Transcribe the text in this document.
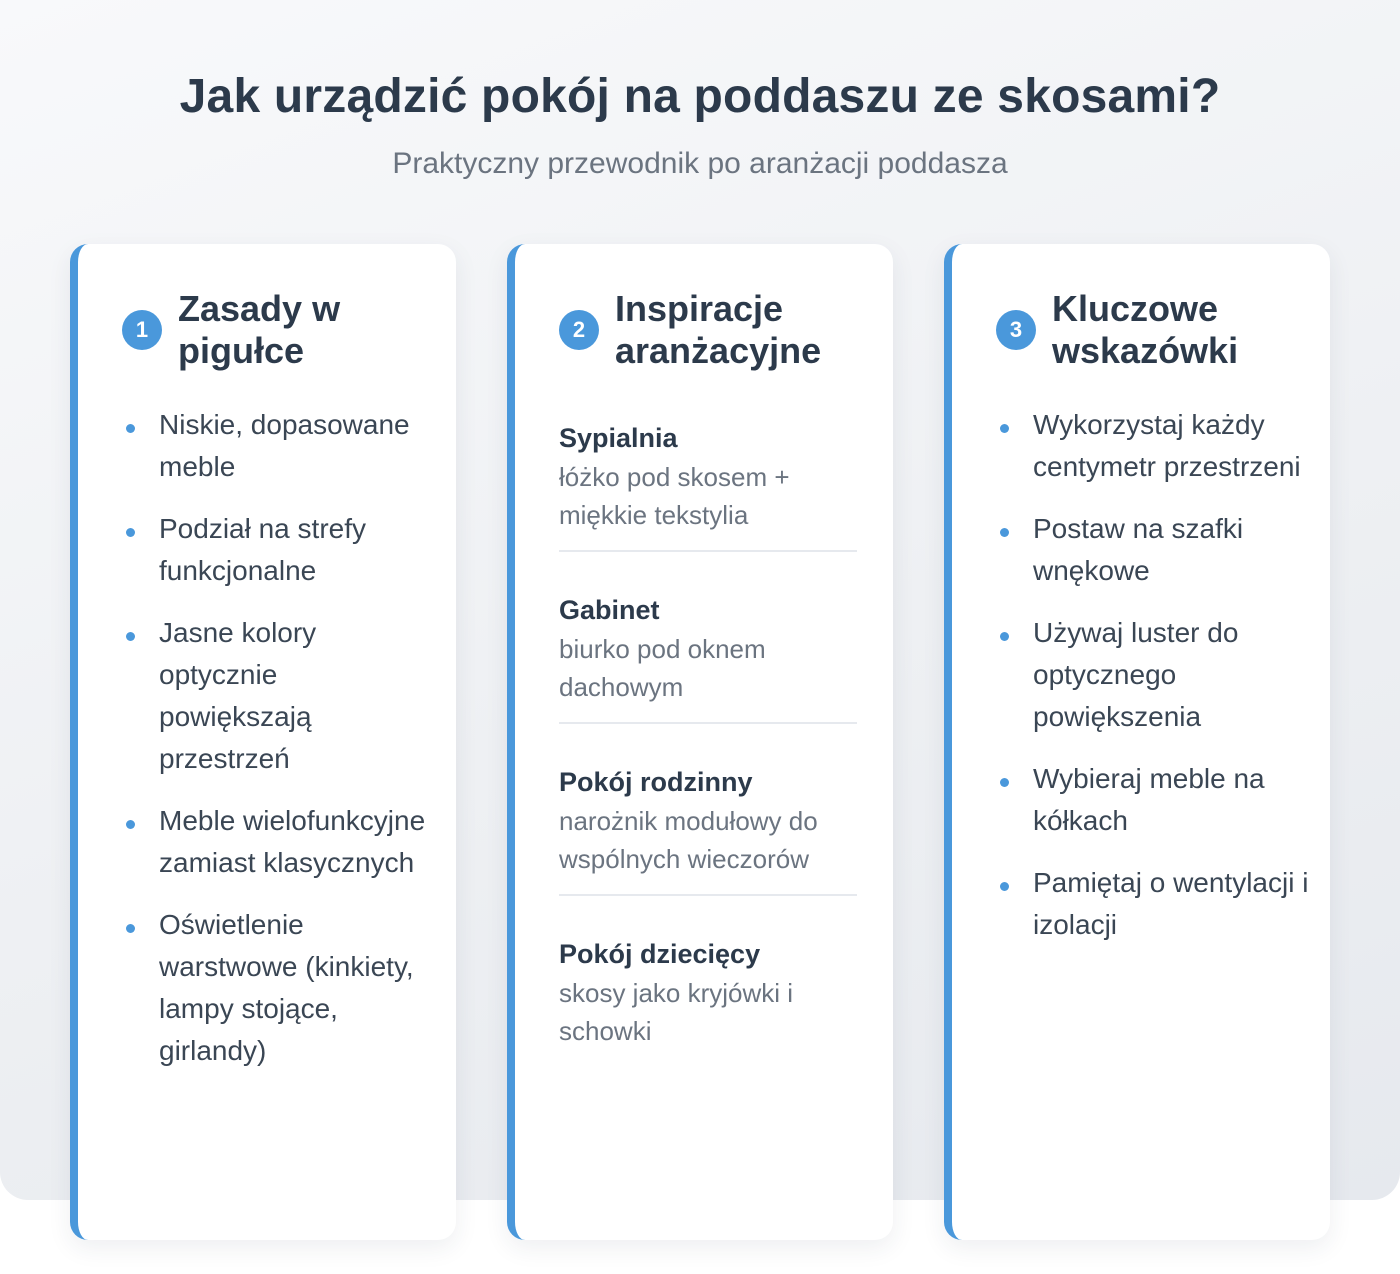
Jak urządzić pokój na poddaszu ze skosami?

Praktyczny przewodnik po aranżacji poddasza

1
Zasady w pigułce
Niskie, dopasowane meble
Podział na strefy funkcjonalne
Jasne kolory optycznie powiększają przestrzeń
Meble wielofunkcyjne zamiast klasycznych
Oświetlenie warstwowe (kinkiety, lampy stojące, girlandy)
2
Inspiracje aranżacyjne
Sypialnia
łóżko pod skosem + miękkie tekstylia
Gabinet
biurko pod oknem dachowym
Pokój rodzinny
narożnik modułowy do wspólnych wieczorów
Pokój dziecięcy
skosy jako kryjówki i schowki
3
Kluczowe wskazówki
Wykorzystaj każdy centymetr przestrzeni
Postaw na szafki wnękowe
Używaj luster do optycznego powiększenia
Wybieraj meble na kółkach
Pamiętaj o wentylacji i izolacji
